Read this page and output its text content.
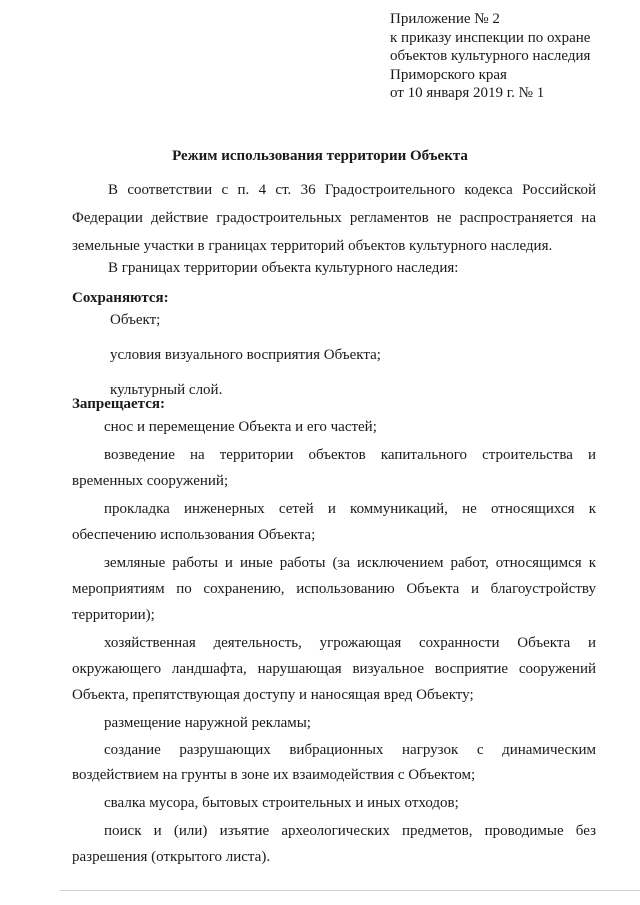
Приложение № 2
к приказу инспекции по охране
объектов культурного наследия
Приморского края
от 10 января 2019 г. № 1
Режим использования территории Объекта
В соответствии с п. 4 ст. 36 Градостроительного кодекса Российской Федерации действие градостроительных регламентов не распространяется на земельные участки в границах территорий объектов культурного наследия.
В границах территории объекта культурного наследия:
Сохраняются:
Объект;
условия визуального восприятия Объекта;
культурный слой.
Запрещается:
снос и перемещение Объекта и его частей;
возведение на территории объектов капитального строительства и временных сооружений;
прокладка инженерных сетей и коммуникаций, не относящихся к обеспечению использования Объекта;
земляные работы и иные работы (за исключением работ, относящимся к мероприятиям по сохранению, использованию Объекта и благоустройству территории);
хозяйственная деятельность, угрожающая сохранности Объекта и окружающего ландшафта, нарушающая визуальное восприятие сооружений Объекта, препятствующая доступу и наносящая вред Объекту;
размещение наружной рекламы;
создание разрушающих вибрационных нагрузок с динамическим воздействием на грунты в зоне их взаимодействия с Объектом;
свалка мусора, бытовых строительных и иных отходов;
поиск и (или) изъятие археологических предметов, проводимые без разрешения (открытого листа).
